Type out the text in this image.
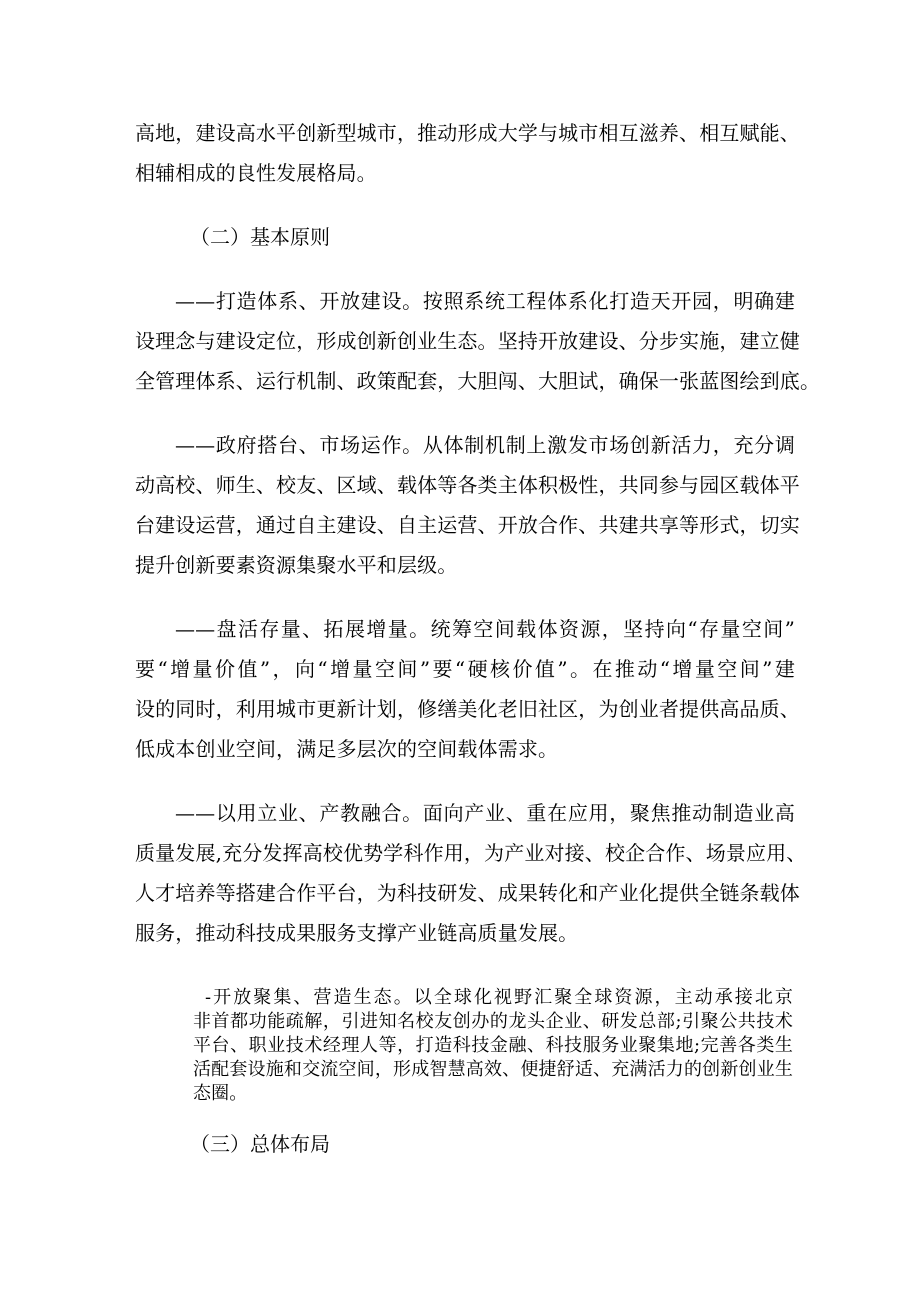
高地，建设高水平创新型城市，推动形成大学与城市相互滋养、相互赋能、
相辅相成的良性发展格局。
（二）基本原则
——打造体系、开放建设。按照系统工程体系化打造天开园，明确建
设理念与建设定位，形成创新创业生态。坚持开放建设、分步实施，建立健
全管理体系、运行机制、政策配套，大胆闯、大胆试，确保一张蓝图绘到底。
——政府搭台、市场运作。从体制机制上激发市场创新活力，充分调
动高校、师生、校友、区域、载体等各类主体积极性，共同参与园区载体平
台建设运营，通过自主建设、自主运营、开放合作、共建共享等形式，切实
提升创新要素资源集聚水平和层级。
——盘活存量、拓展增量。统筹空间载体资源，坚持向“存量空间”
要“增量价值”，向“增量空间”要“硬核价值”。在推动“增量空间”建
设的同时，利用城市更新计划，修缮美化老旧社区，为创业者提供高品质、
低成本创业空间，满足多层次的空间载体需求。
——以用立业、产教融合。面向产业、重在应用，聚焦推动制造业高
质量发展,充分发挥高校优势学科作用，为产业对接、校企合作、场景应用、
人才培养等搭建合作平台，为科技研发、成果转化和产业化提供全链条载体
服务，推动科技成果服务支撑产业链高质量发展。
-开放聚集、营造生态。以全球化视野汇聚全球资源，主动承接北京
非首都功能疏解，引进知名校友创办的龙头企业、研发总部;引聚公共技术
平台、职业技术经理人等，打造科技金融、科技服务业聚集地;完善各类生
活配套设施和交流空间，形成智慧高效、便捷舒适、充满活力的创新创业生
态圈。
（三）总体布局
